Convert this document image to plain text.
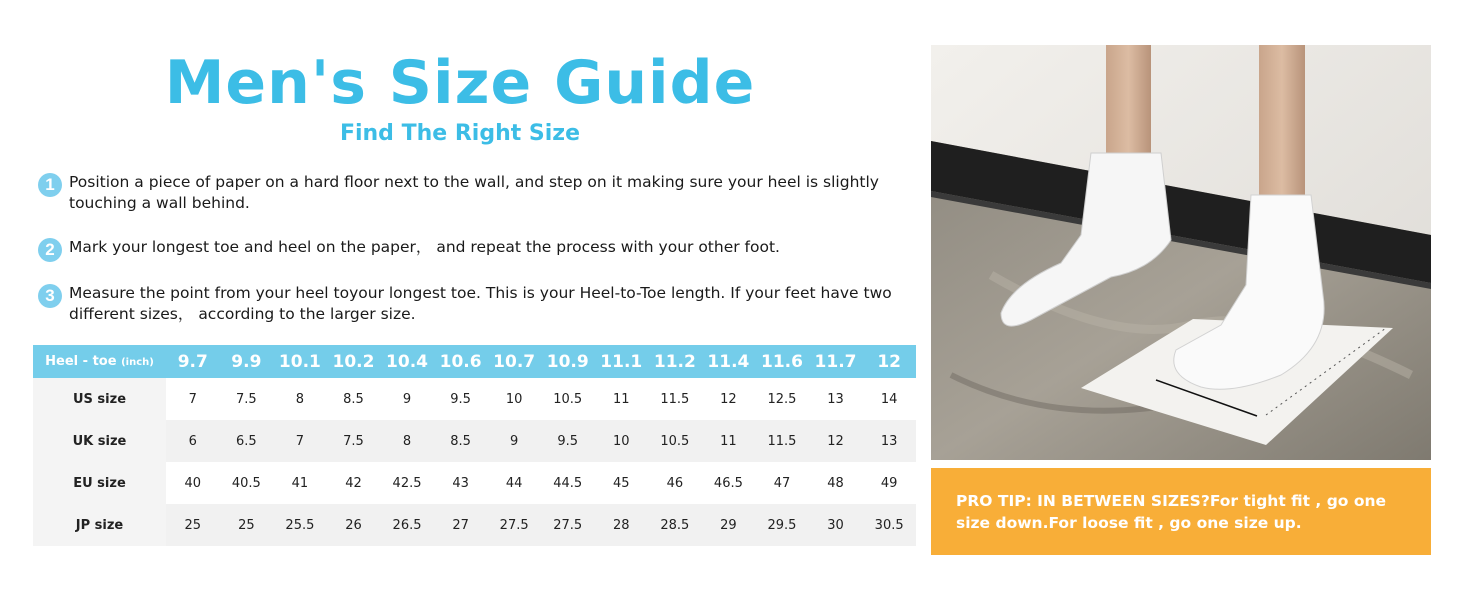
Men's Size Guide
Find The Right Size
1 Position a piece of paper on a hard floor next to the wall, and step on it making sure your heel is slightly touching a wall behind.
2 Mark your longest toe and heel on the paper， and repeat the process with your other foot.
3 Measure the point from your heel toyour longest toe. This is your Heel-to-Toe length. If your feet have two different sizes， according to the larger size.
Heel - toe (inch)	9.7	9.9	10.1	10.2	10.4	10.6	10.7	10.9	11.1	11.2	11.4	11.6	11.7	12
US size	7	7.5	8	8.5	9	9.5	10	10.5	11	11.5	12	12.5	13	14
UK size	6	6.5	7	7.5	8	8.5	9	9.5	10	10.5	11	11.5	12	13
EU size	40	40.5	41	42	42.5	43	44	44.5	45	46	46.5	47	48	49
JP size	25	25	25.5	26	26.5	27	27.5	27.5	28	28.5	29	29.5	30	30.5
PRO TIP: IN BETWEEN SIZES?For tight fit , go one size down.For loose fit , go one size up.
